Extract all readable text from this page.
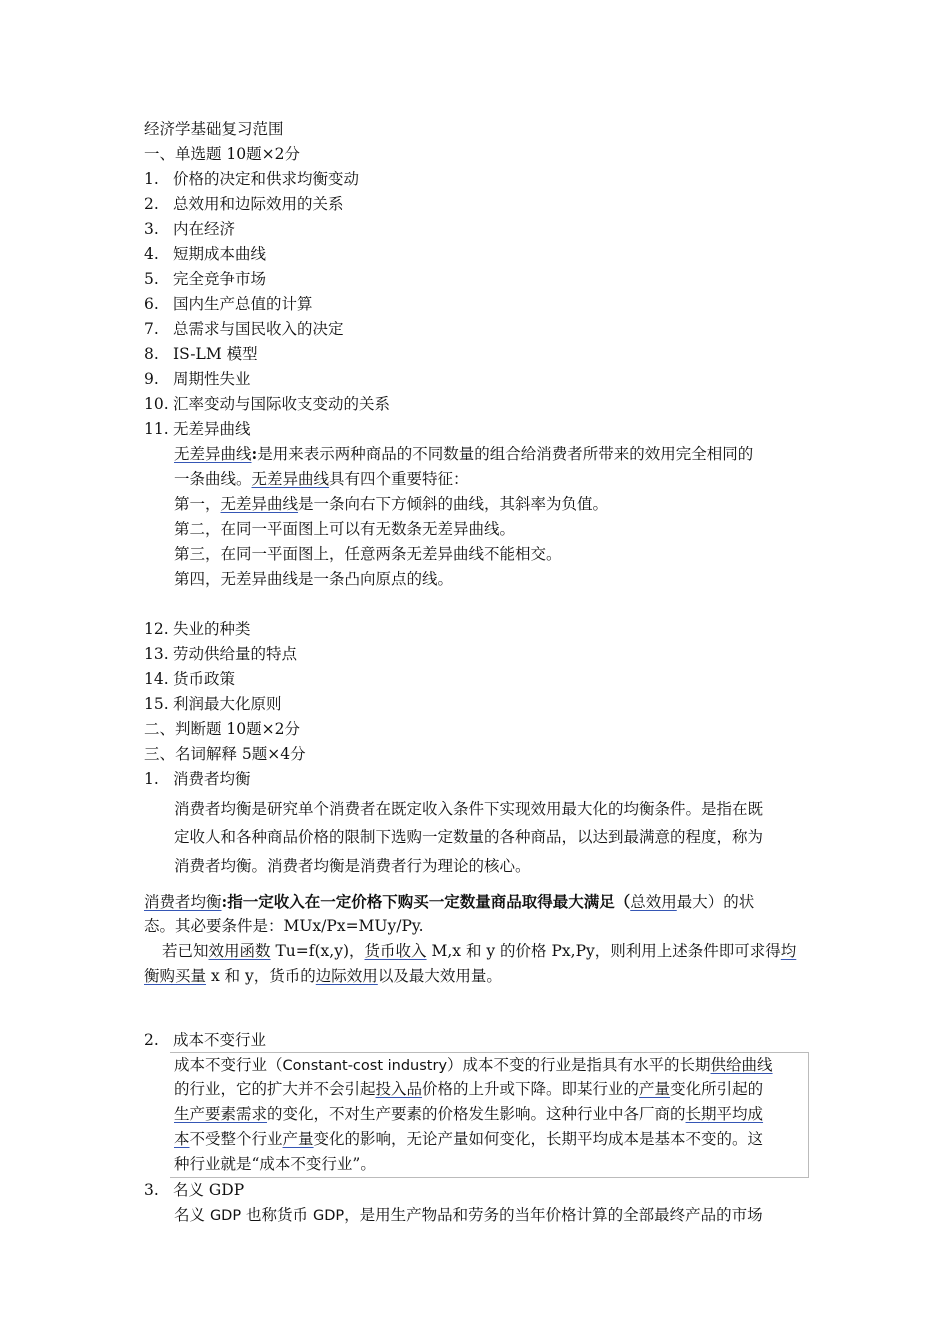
经济学基础复习范围
一、单选题 10题×2分
1. 价格的决定和供求均衡变动
2. 总效用和边际效用的关系
3. 内在经济
4. 短期成本曲线
5. 完全竞争市场
6. 国内生产总值的计算
7. 总需求与国民收入的决定
8. IS-LM 模型
9. 周期性失业
10. 汇率变动与国际收支变动的关系
11. 无差异曲线
无差异曲线:是用来表示两种商品的不同数量的组合给消费者所带来的效用完全相同的
一条曲线。无差异曲线具有四个重要特征：
第一，无差异曲线是一条向右下方倾斜的曲线，其斜率为负值。
第二，在同一平面图上可以有无数条无差异曲线。
第三，在同一平面图上，任意两条无差异曲线不能相交。
第四，无差异曲线是一条凸向原点的线。
12. 失业的种类
13. 劳动供给量的特点
14. 货币政策
15. 利润最大化原则
二、判断题 10题×2分
三、名词解释 5题×4分
1. 消费者均衡
消费者均衡是研究单个消费者在既定收入条件下实现效用最大化的均衡条件。是指在既
定收人和各种商品价格的限制下选购一定数量的各种商品，以达到最满意的程度，称为
消费者均衡。消费者均衡是消费者行为理论的核心。
消费者均衡:指一定收入在一定价格下购买一定数量商品取得最大满足（总效用最大）的状
态。其必要条件是：MUx/Px=MUy/Py.
若已知效用函数 Tu=f(x,y)，货币收入 M,x 和 y 的价格 Px,Py，则利用上述条件即可求得均
衡购买量 x 和 y，货币的边际效用以及最大效用量。
2. 成本不变行业
成本不变行业（Constant-cost industry）成本不变的行业是指具有水平的长期供给曲线
的行业，它的扩大并不会引起投入品价格的上升或下降。即某行业的产量变化所引起的
生产要素需求的变化，不对生产要素的价格发生影响。这种行业中各厂商的长期平均成
本不受整个行业产量变化的影响，无论产量如何变化，长期平均成本是基本不变的。这
种行业就是“成本不变行业”。
3. 名义 GDP
名义 GDP 也称货币 GDP，是用生产物品和劳务的当年价格计算的全部最终产品的市场
